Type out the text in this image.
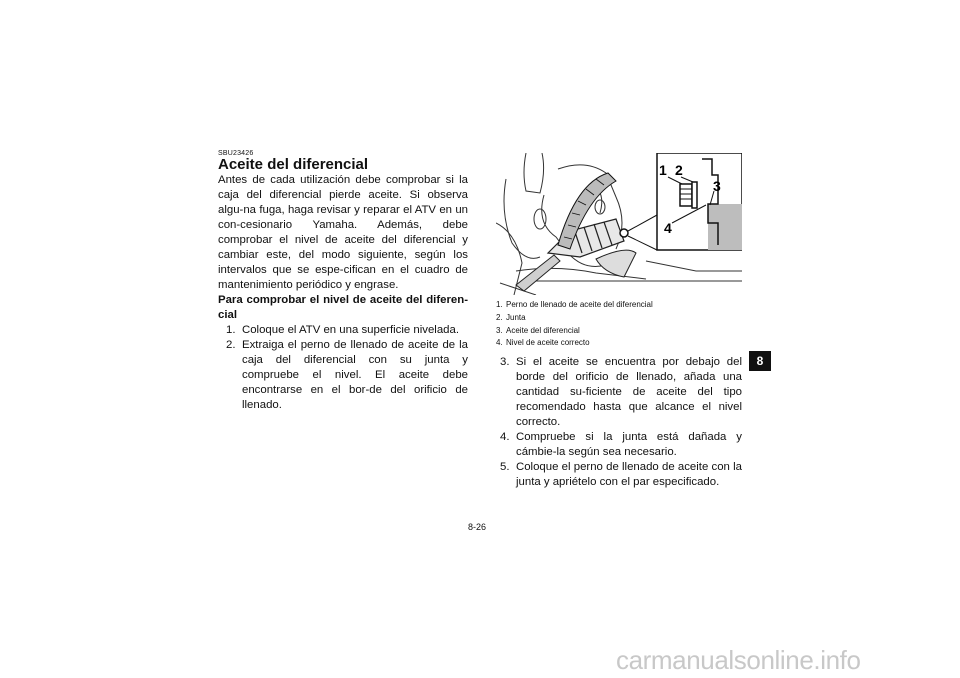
SBU23426
Aceite del diferencial

Antes de cada utilización debe comprobar si la caja del diferencial pierde aceite. Si observa algu-na fuga, haga revisar y reparar el ATV en un con-cesionario Yamaha. Además, debe comprobar el nivel de aceite del diferencial y cambiar este, del modo siguiente, según los intervalos que se espe-cifican en el cuadro de mantenimiento periódico y engrase.

Para comprobar el nivel de aceite del diferen-cial

1. Coloque el ATV en una superficie nivelada.
2. Extraiga el perno de llenado de aceite de la caja del diferencial con su junta y compruebe el nivel. El aceite debe encontrarse en el bor-de del orificio de llenado.
1 2
3
4
1. Perno de llenado de aceite del diferencial
2. Junta
3. Aceite del diferencial
4. Nivel de aceite correcto
3. Si el aceite se encuentra por debajo del borde del orificio de llenado, añada una cantidad su-ficiente de aceite del tipo recomendado hasta que alcance el nivel correcto.
4. Compruebe si la junta está dañada y cámbie-la según sea necesario.
5. Coloque el perno de llenado de aceite con la junta y apriételo con el par especificado.
8
8-26
carmanualsonline.info
